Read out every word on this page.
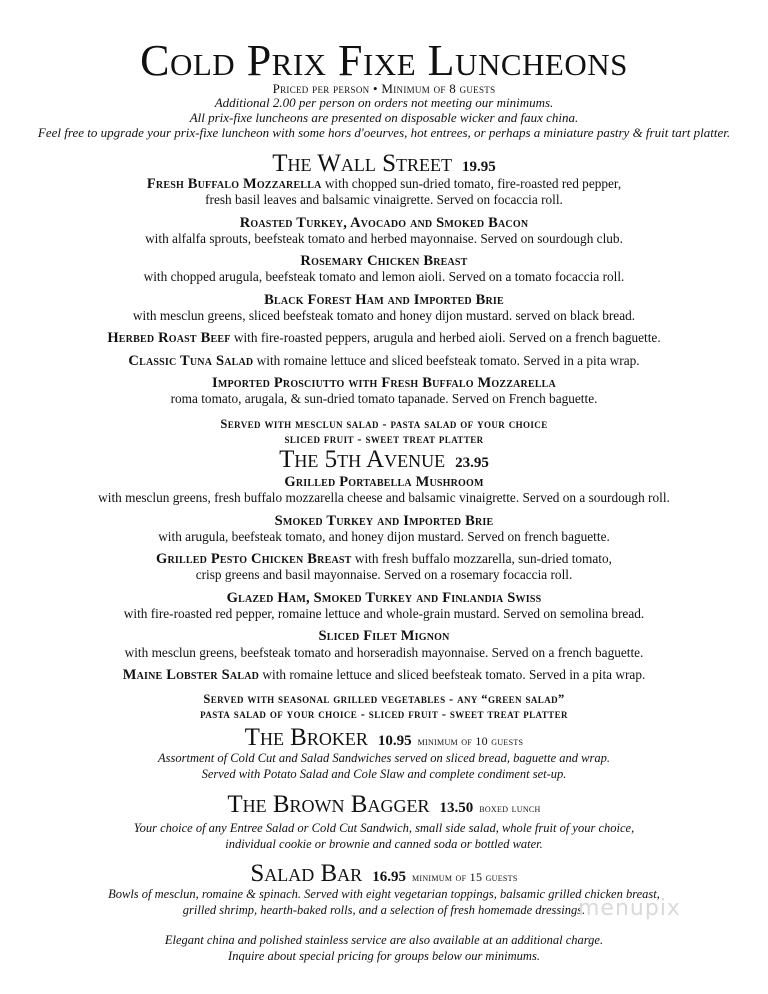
Cold Prix Fixe Luncheons
Priced per person • Minimum of 8 guests
Additional 2.00 per person on orders not meeting our minimums.
All prix-fixe luncheons are presented on disposable wicker and faux china.
Feel free to upgrade your prix-fixe luncheon with some hors d'oeurves, hot entrees, or perhaps a miniature pastry & fruit tart platter.
The Wall Street 19.95
Fresh Buffalo Mozzarella with chopped sun-dried tomato, fire-roasted red pepper,
fresh basil leaves and balsamic vinaigrette. Served on focaccia roll.
Roasted Turkey, Avocado and Smoked Bacon
with alfalfa sprouts, beefsteak tomato and herbed mayonnaise. Served on sourdough club.
Rosemary Chicken Breast
with chopped arugula, beefsteak tomato and lemon aioli. Served on a tomato focaccia roll.
Black Forest Ham and Imported Brie
with mesclun greens, sliced beefsteak tomato and honey dijon mustard. served on black bread.
Herbed Roast Beef with fire-roasted peppers, arugula and herbed aioli. Served on a french baguette.
Classic Tuna Salad with romaine lettuce and sliced beefsteak tomato. Served in a pita wrap.
Imported Prosciutto with Fresh Buffalo Mozzarella
roma tomato, arugala, & sun-dried tomato tapanade. Served on French baguette.
Served with mesclun salad - pasta salad of your choice
sliced fruit - sweet treat platter
The 5th Avenue 23.95
Grilled Portabella Mushroom
with mesclun greens, fresh buffalo mozzarella cheese and balsamic vinaigrette. Served on a sourdough roll.
Smoked Turkey and Imported Brie
with arugula, beefsteak tomato, and honey dijon mustard. Served on french baguette.
Grilled Pesto Chicken Breast with fresh buffalo mozzarella, sun-dried tomato,
crisp greens and basil mayonnaise. Served on a rosemary focaccia roll.
Glazed Ham, Smoked Turkey and Finlandia Swiss
with fire-roasted red pepper, romaine lettuce and whole-grain mustard. Served on semolina bread.
Sliced Filet Mignon
with mesclun greens, beefsteak tomato and horseradish mayonnaise. Served on a french baguette.
Maine Lobster Salad with romaine lettuce and sliced beefsteak tomato. Served in a pita wrap.
Served with seasonal grilled vegetables - any “green salad”
pasta salad of your choice - sliced fruit - sweet treat platter
The Broker 10.95 minimum of 10 guests
Assortment of Cold Cut and Salad Sandwiches served on sliced bread, baguette and wrap.
Served with Potato Salad and Cole Slaw and complete condiment set-up.
The Brown Bagger 13.50 boxed lunch
Your choice of any Entree Salad or Cold Cut Sandwich, small side salad, whole fruit of your choice,
individual cookie or brownie and canned soda or bottled water.
Salad Bar 16.95 minimum of 15 guests
Bowls of mesclun, romaine & spinach. Served with eight vegetarian toppings, balsamic grilled chicken breast,
grilled shrimp, hearth-baked rolls, and a selection of fresh homemade dressings.
Elegant china and polished stainless service are also available at an additional charge.
Inquire about special pricing for groups below our minimums.
menupix
